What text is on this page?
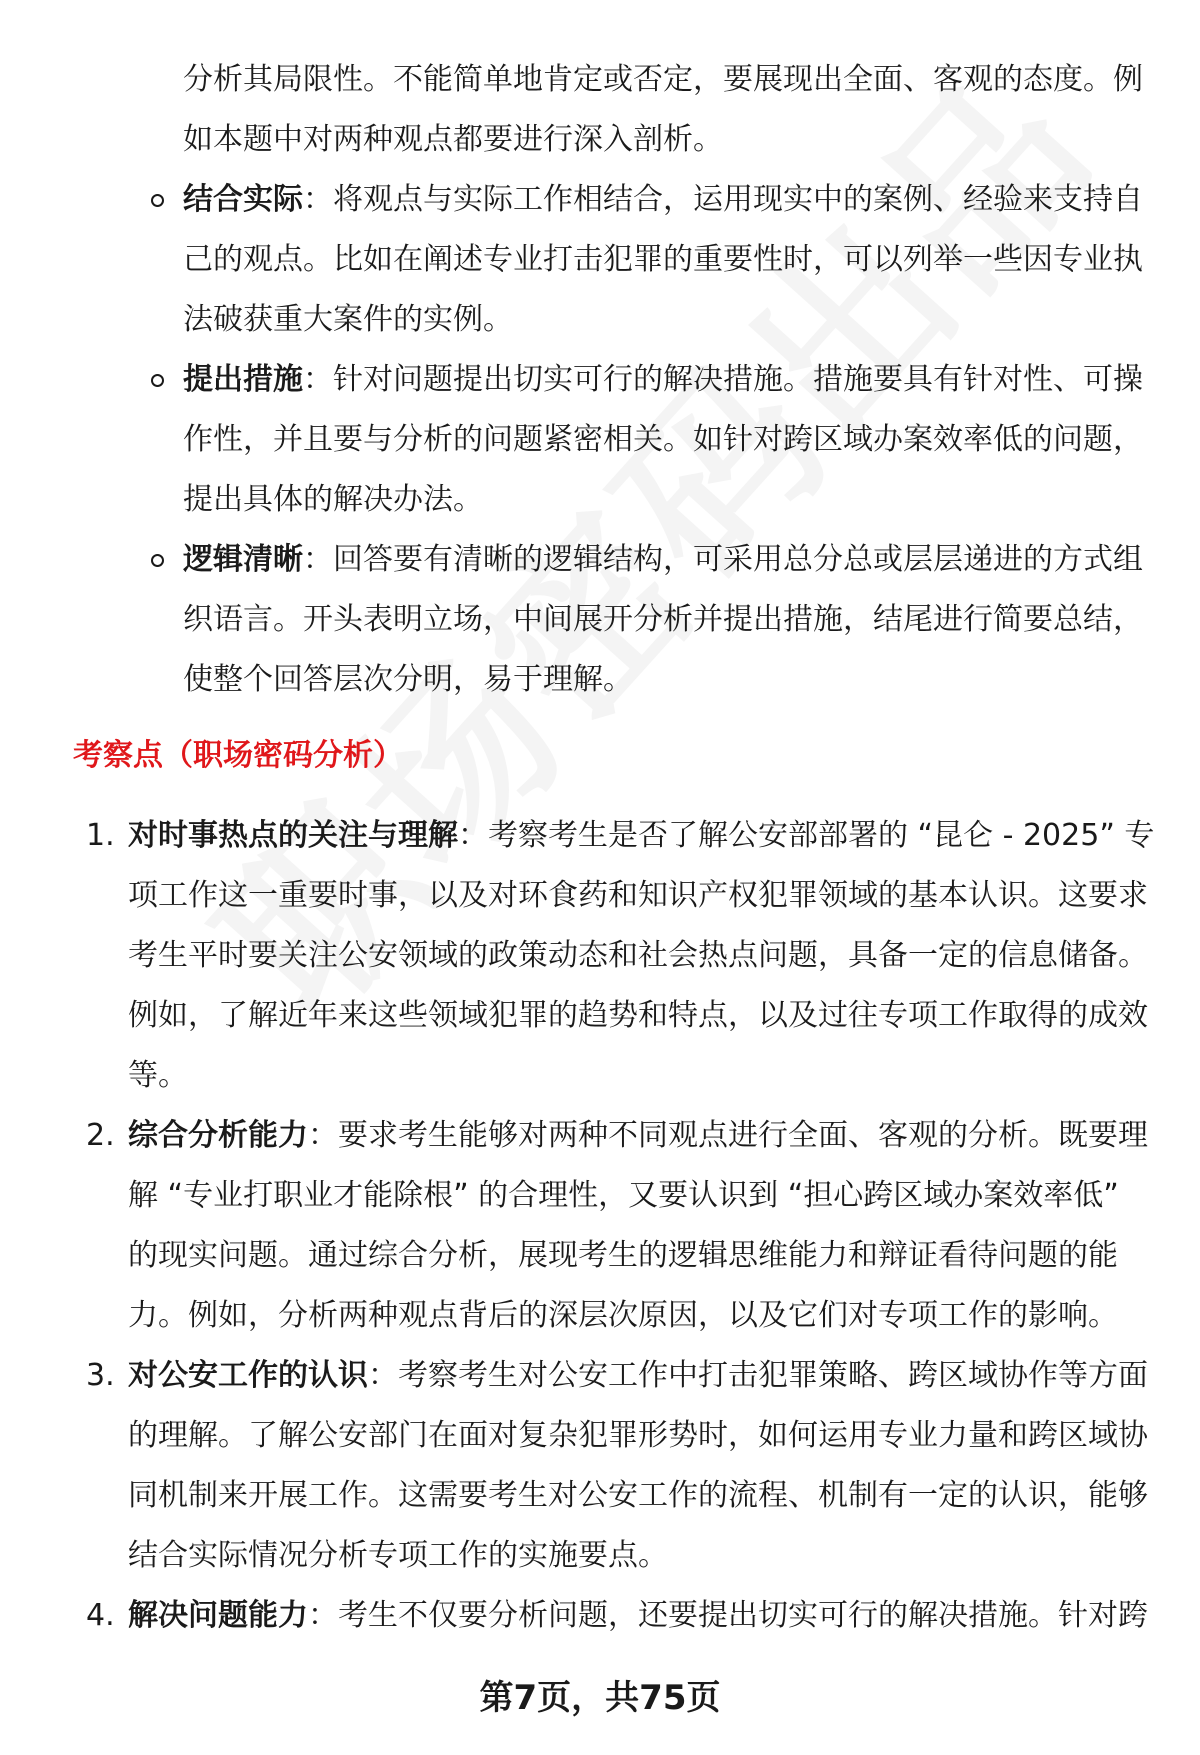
分析其局限性。不能简单地肯定或否定，要展现出全面、客观的态度。例如本题中对两种观点都要进行深入剖析。
结合实际：将观点与实际工作相结合，运用现实中的案例、经验来支持自己的观点。比如在阐述专业打击犯罪的重要性时，可以列举一些因专业执法破获重大案件的实例。
提出措施：针对问题提出切实可行的解决措施。措施要具有针对性、可操作性，并且要与分析的问题紧密相关。如针对跨区域办案效率低的问题，提出具体的解决办法。
逻辑清晰：回答要有清晰的逻辑结构，可采用总分总或层层递进的方式组织语言。开头表明立场，中间展开分析并提出措施，结尾进行简要总结，使整个回答层次分明，易于理解。
考察点（职场密码分析）
1. 对时事热点的关注与理解：考察考生是否了解公安部部署的 “昆仑 - 2025” 专项工作这一重要时事，以及对环食药和知识产权犯罪领域的基本认识。这要求考生平时要关注公安领域的政策动态和社会热点问题，具备一定的信息储备。例如，了解近年来这些领域犯罪的趋势和特点，以及过往专项工作取得的成效等。
2. 综合分析能力：要求考生能够对两种不同观点进行全面、客观的分析。既要理解 “专业打职业才能除根” 的合理性，又要认识到 “担心跨区域办案效率低” 的现实问题。通过综合分析，展现考生的逻辑思维能力和辩证看待问题的能力。例如，分析两种观点背后的深层次原因，以及它们对专项工作的影响。
3. 对公安工作的认识：考察考生对公安工作中打击犯罪策略、跨区域协作等方面的理解。了解公安部门在面对复杂犯罪形势时，如何运用专业力量和跨区域协同机制来开展工作。这需要考生对公安工作的流程、机制有一定的认识，能够结合实际情况分析专项工作的实施要点。
4. 解决问题能力：考生不仅要分析问题，还要提出切实可行的解决措施。针对跨
第7页，共75页
